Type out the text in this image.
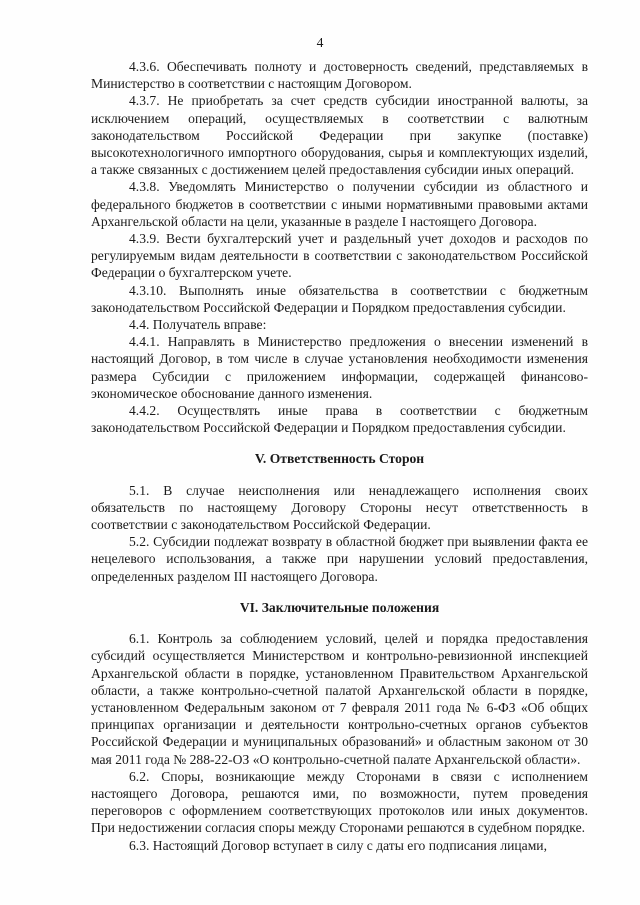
4

4.3.6. Обеспечивать полноту и достоверность сведений, представляемых в Министерство в соответствии с настоящим Договором.

4.3.7. Не приобретать за счет средств субсидии иностранной валюты, за исключением операций, осуществляемых в соответствии с валютным законодательством Российской Федерации при закупке (поставке) высокотехнологичного импортного оборудования, сырья и комплектующих изделий, а также связанных с достижением целей предоставления субсидии иных операций.

4.3.8. Уведомлять Министерство о получении субсидии из областного и федерального бюджетов в соответствии с иными нормативными правовыми актами Архангельской области на цели, указанные в разделе I настоящего Договора.

4.3.9. Вести бухгалтерский учет и раздельный учет доходов и расходов по регулируемым видам деятельности в соответствии с законодательством Российской Федерации о бухгалтерском учете.

4.3.10. Выполнять иные обязательства в соответствии с бюджетным законодательством Российской Федерации и Порядком предоставления субсидии.

4.4. Получатель вправе:

4.4.1. Направлять в Министерство предложения о внесении изменений в настоящий Договор, в том числе в случае установления необходимости изменения размера Субсидии с приложением информации, содержащей финансово-экономическое обоснование данного изменения.

4.4.2. Осуществлять иные права в соответствии с бюджетным законодательством Российской Федерации и Порядком предоставления субсидии.

V. Ответственность Сторон

5.1. В случае неисполнения или ненадлежащего исполнения своих обязательств по настоящему Договору Стороны несут ответственность в соответствии с законодательством Российской Федерации.

5.2. Субсидии подлежат возврату в областной бюджет при выявлении факта ее нецелевого использования, а также при нарушении условий предоставления, определенных разделом III настоящего Договора.

VI. Заключительные положения

6.1. Контроль за соблюдением условий, целей и порядка предоставления субсидий осуществляется Министерством и контрольно-ревизионной инспекцией Архангельской области в порядке, установленном Правительством Архангельской области, а также контрольно-счетной палатой Архангельской области в порядке, установленном Федеральным законом от 7 февраля 2011 года № 6-ФЗ «Об общих принципах организации и деятельности контрольно-счетных органов субъектов Российской Федерации и муниципальных образований» и областным законом от 30 мая 2011 года № 288-22-ОЗ «О контрольно-счетной палате Архангельской области».

6.2. Споры, возникающие между Сторонами в связи с исполнением настоящего Договора, решаются ими, по возможности, путем проведения переговоров с оформлением соответствующих протоколов или иных документов. При недостижении согласия споры между Сторонами решаются в судебном порядке.

6.3. Настоящий Договор вступает в силу с даты его подписания лицами,
